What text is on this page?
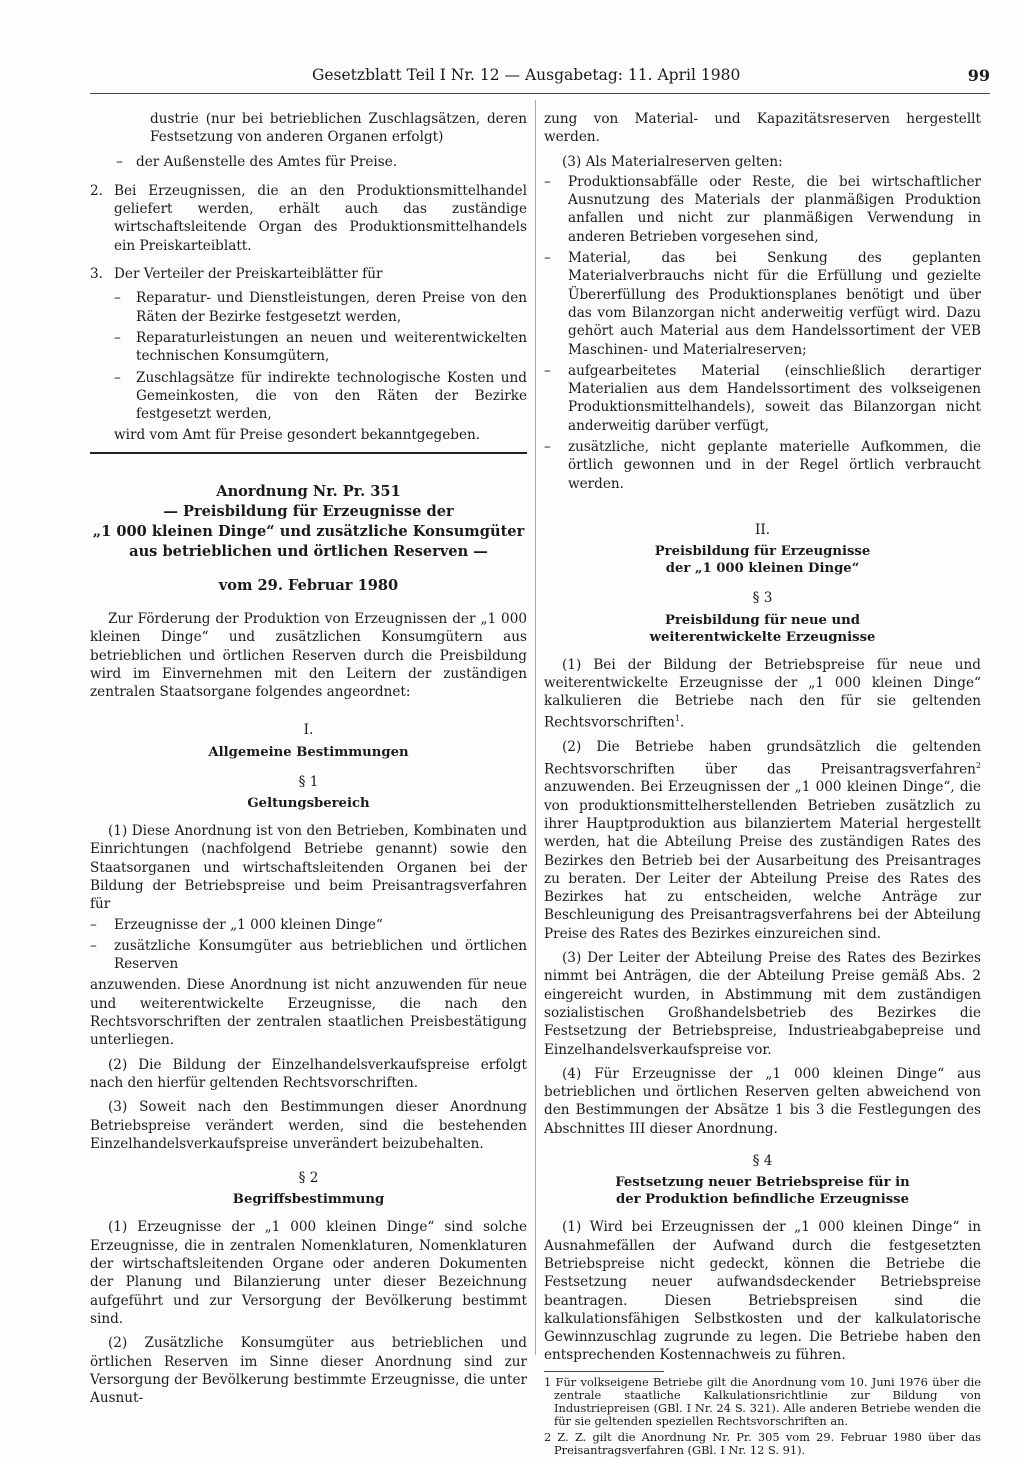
Gesetzblatt Teil I Nr. 12 — Ausgabetag: 11. April 1980	99

dustrie (nur bei betrieblichen Zuschlagsätzen, deren Festsetzung von anderen Organen erfolgt)

– der Außenstelle des Amtes für Preise.
2. Bei Erzeugnissen, die an den Produktionsmittelhandel geliefert werden, erhält auch das zuständige wirtschaftsleitende Organ des Produktionsmittelhandels ein Preiskarteiblatt.
3. Der Verteiler der Preiskarteiblätter für
– Reparatur- und Dienstleistungen, deren Preise von den Räten der Bezirke festgesetzt werden,
– Reparaturleistungen an neuen und weiterentwickelten technischen Konsumgütern,
– Zuschlagsätze für indirekte technologische Kosten und Gemeinkosten, die von den Räten der Bezirke festgesetzt werden,

wird vom Amt für Preise gesondert bekanntgegeben.

Anordnung Nr. Pr. 351

— Preisbildung für Erzeugnisse der

„1 000 kleinen Dinge“ und zusätzliche Konsumgüter

aus betrieblichen und örtlichen Reserven —

vom 29. Februar 1980

Zur Förderung der Produktion von Erzeugnissen der „1 000 kleinen Dinge“ und zusätzlichen Konsumgütern aus betrieblichen und örtlichen Reserven durch die Preisbildung wird im Einvernehmen mit den Leitern der zuständigen zentralen Staatsorgane folgendes angeordnet:

I.

Allgemeine Bestimmungen

§ 1

Geltungsbereich

(1) Diese Anordnung ist von den Betrieben, Kombinaten und Einrichtungen (nachfolgend Betriebe genannt) sowie den Staatsorganen und wirtschaftsleitenden Organen bei der Bildung der Betriebspreise und beim Preisantragsverfahren für

– Erzeugnisse der „1 000 kleinen Dinge“
– zusätzliche Konsumgüter aus betrieblichen und örtlichen Reserven

anzuwenden. Diese Anordnung ist nicht anzuwenden für neue und weiterentwickelte Erzeugnisse, die nach den Rechtsvorschriften der zentralen staatlichen Preisbestätigung unterliegen.

(2) Die Bildung der Einzelhandelsverkaufspreise erfolgt nach den hierfür geltenden Rechtsvorschriften.

(3) Soweit nach den Bestimmungen dieser Anordnung Betriebspreise verändert werden, sind die bestehenden Einzelhandelsverkaufspreise unverändert beizubehalten.

§ 2

Begriffsbestimmung

(1) Erzeugnisse der „1 000 kleinen Dinge“ sind solche Erzeugnisse, die in zentralen Nomenklaturen, Nomenklaturen der wirtschaftsleitenden Organe oder anderen Dokumenten der Planung und Bilanzierung unter dieser Bezeichnung aufgeführt und zur Versorgung der Bevölkerung bestimmt sind.

(2) Zusätzliche Konsumgüter aus betrieblichen und örtlichen Reserven im Sinne dieser Anordnung sind zur Versorgung der Bevölkerung bestimmte Erzeugnisse, die unter Ausnut-

zung von Material- und Kapazitätsreserven hergestellt werden.

(3) Als Materialreserven gelten:

– Produktionsabfälle oder Reste, die bei wirtschaftlicher Ausnutzung des Materials der planmäßigen Produktion anfallen und nicht zur planmäßigen Verwendung in anderen Betrieben vorgesehen sind,
– Material, das bei Senkung des geplanten Materialverbrauchs nicht für die Erfüllung und gezielte Übererfüllung des Produktionsplanes benötigt und über das vom Bilanzorgan nicht anderweitig verfügt wird. Dazu gehört auch Material aus dem Handelssortiment der VEB Maschinen- und Materialreserven;
– aufgearbeitetes Material (einschließlich derartiger Materialien aus dem Handelssortiment des volkseigenen Produktionsmittelhandels), soweit das Bilanzorgan nicht anderweitig darüber verfügt,
– zusätzliche, nicht geplante materielle Aufkommen, die örtlich gewonnen und in der Regel örtlich verbraucht werden.

II.

Preisbildung für Erzeugnisse

der „1 000 kleinen Dinge“

§ 3

Preisbildung für neue und

weiterentwickelte Erzeugnisse

(1) Bei der Bildung der Betriebspreise für neue und weiterentwickelte Erzeugnisse der „1 000 kleinen Dinge“ kalkulieren die Betriebe nach den für sie geltenden Rechtsvorschriften$^1$.

(2) Die Betriebe haben grundsätzlich die geltenden Rechtsvorschriften über das Preisantragsverfahren$^2$ anzuwenden. Bei Erzeugnissen der „1 000 kleinen Dinge“, die von produktionsmittelherstellenden Betrieben zusätzlich zu ihrer Hauptproduktion aus bilanziertem Material hergestellt werden, hat die Abteilung Preise des zuständigen Rates des Bezirkes den Betrieb bei der Ausarbeitung des Preisantrages zu beraten. Der Leiter der Abteilung Preise des Rates des Bezirkes hat zu entscheiden, welche Anträge zur Beschleunigung des Preisantragsverfahrens bei der Abteilung Preise des Rates des Bezirkes einzureichen sind.

(3) Der Leiter der Abteilung Preise des Rates des Bezirkes nimmt bei Anträgen, die der Abteilung Preise gemäß Abs. 2 eingereicht wurden, in Abstimmung mit dem zuständigen sozialistischen Großhandelsbetrieb des Bezirkes die Festsetzung der Betriebspreise, Industrieabgabepreise und Einzelhandelsverkaufspreise vor.

(4) Für Erzeugnisse der „1 000 kleinen Dinge“ aus betrieblichen und örtlichen Reserven gelten abweichend von den Bestimmungen der Absätze 1 bis 3 die Festlegungen des Abschnittes III dieser Anordnung.

§ 4

Festsetzung neuer Betriebspreise für in

der Produktion befindliche Erzeugnisse

(1) Wird bei Erzeugnissen der „1 000 kleinen Dinge“ in Ausnahmefällen der Aufwand durch die festgesetzten Betriebspreise nicht gedeckt, können die Betriebe die Festsetzung neuer aufwandsdeckender Betriebspreise beantragen. Diesen Betriebspreisen sind die kalkulationsfähigen Selbstkosten und der kalkulatorische Gewinnzuschlag zugrunde zu legen. Die Betriebe haben den entsprechenden Kostennachweis zu führen.

1 Für volkseigene Betriebe gilt die Anordnung vom 10. Juni 1976 über die zentrale staatliche Kalkulationsrichtlinie zur Bildung von Industriepreisen (GBl. I Nr. 24 S. 321). Alle anderen Betriebe wenden die für sie geltenden speziellen Rechtsvorschriften an.

2 Z. Z. gilt die Anordnung Nr. Pr. 305 vom 29. Februar 1980 über das Preisantragsverfahren (GBl. I Nr. 12 S. 91).
